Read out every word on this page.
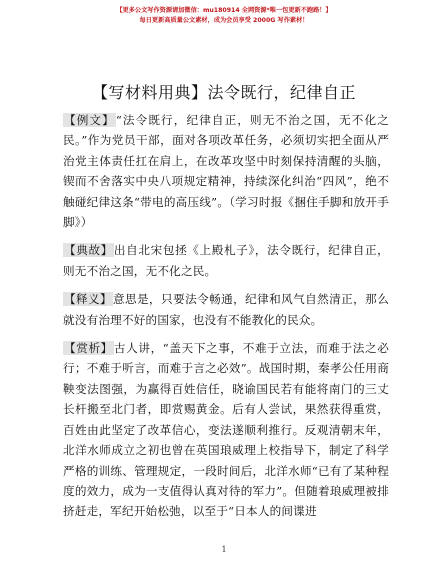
【更多公文写作资源请加微信：mu180914 全网资源*唯一包更新不跑路！】
每日更新高质量公文素材，成为会员享受 2000G 写作素材！
【写材料用典】法令既行，纪律自正

【例文】“法令既行，纪律自正，则无不治之国，无不化之民。”作为党员干部，面对各项改革任务，必须切实把全面从严治党主体责任扛在肩上，在改革攻坚中时刻保持清醒的头脑，锲而不舍落实中央八项规定精神，持续深化纠治“四风”，绝不触碰纪律这条“带电的高压线”。（学习时报《捆住手脚和放开手脚》）

【典故】出自北宋包拯《上殿札子》，法令既行，纪律自正，则无不治之国，无不化之民。

【释义】意思是，只要法令畅通，纪律和风气自然清正，那么就没有治理不好的国家，也没有不能教化的民众。

【赏析】古人讲，“盖天下之事，不难于立法，而难于法之必行；不难于听言，而难于言之必效”。战国时期，秦孝公任用商鞅变法图强，为赢得百姓信任，晓谕国民若有能将南门的三丈长杆搬至北门者，即赏赐黄金。后有人尝试，果然获得重赏，百姓由此坚定了改革信心，变法遂顺利推行。反观清朝末年，北洋水师成立之初也曾在英国琅威理上校指导下，制定了科学严格的训练、管理规定，一段时间后，北洋水师“已有了某种程度的效力，成为一支值得认真对待的军力”。但随着琅威理被排挤赶走，军纪开始松弛，以至于“日本人的间谍进

1
